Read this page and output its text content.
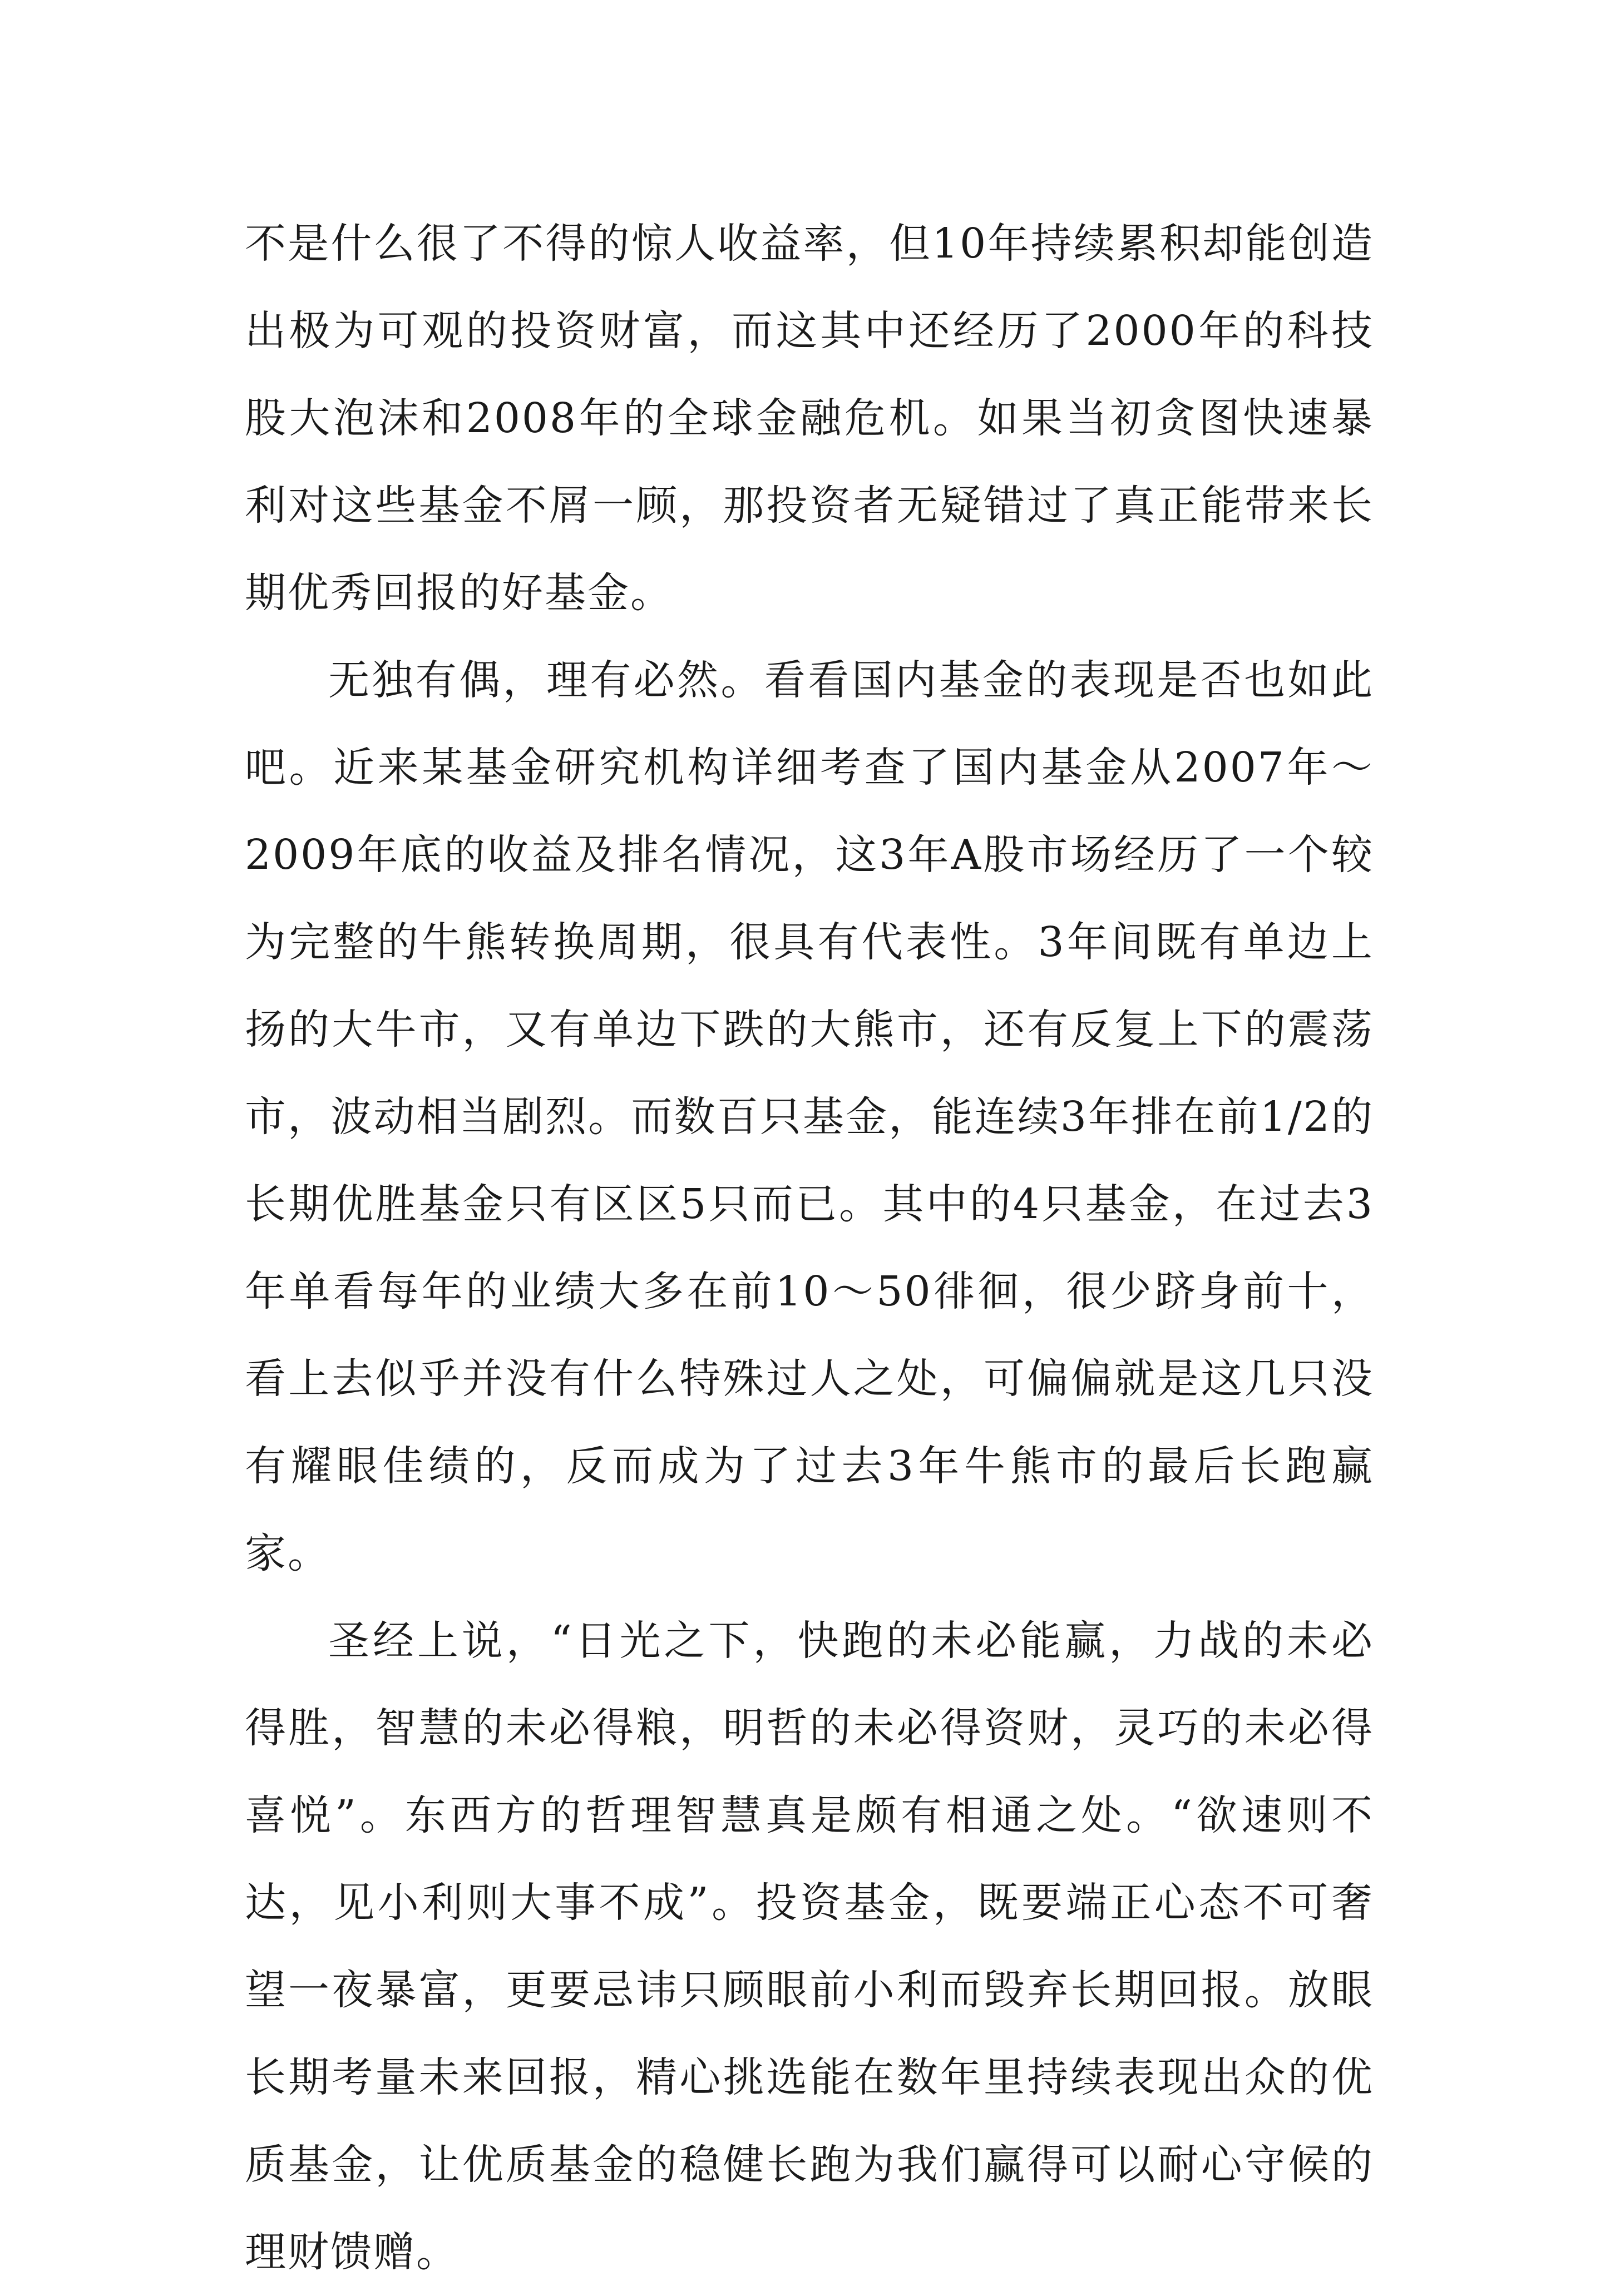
不是什么很了不得的惊人收益率，但10年持续累积却能创造出极为可观的投资财富，而这其中还经历了2000年的科技股大泡沫和2008年的全球金融危机。如果当初贪图快速暴利对这些基金不屑一顾，那投资者无疑错过了真正能带来长期优秀回报的好基金。

无独有偶，理有必然。看看国内基金的表现是否也如此吧。近来某基金研究机构详细考查了国内基金从2007年～2009年底的收益及排名情况，这3年A股市场经历了一个较为完整的牛熊转换周期，很具有代表性。3年间既有单边上扬的大牛市，又有单边下跌的大熊市，还有反复上下的震荡市，波动相当剧烈。而数百只基金，能连续3年排在前1/2的长期优胜基金只有区区5只而已。其中的4只基金，在过去3年单看每年的业绩大多在前10～50徘徊，很少跻身前十，看上去似乎并没有什么特殊过人之处，可偏偏就是这几只没有耀眼佳绩的，反而成为了过去3年牛熊市的最后长跑赢家。

圣经上说，“日光之下，快跑的未必能赢，力战的未必得胜，智慧的未必得粮，明哲的未必得资财，灵巧的未必得喜悦”。东西方的哲理智慧真是颇有相通之处。“欲速则不达，见小利则大事不成”。投资基金，既要端正心态不可奢望一夜暴富，更要忌讳只顾眼前小利而毁弃长期回报。放眼长期考量未来回报，精心挑选能在数年里持续表现出众的优质基金，让优质基金的稳健长跑为我们赢得可以耐心守候的理财馈赠。
